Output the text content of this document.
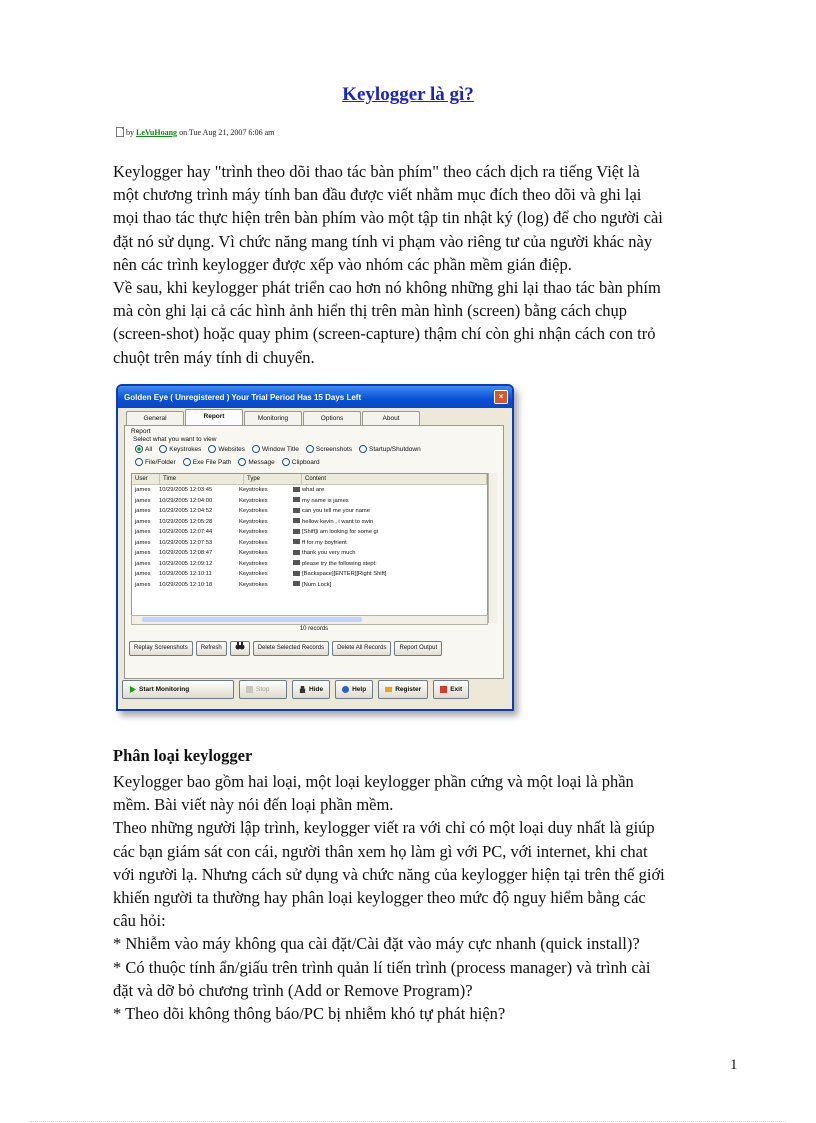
Keylogger là gì?
by LeVuHoang on Tue Aug 21, 2007 6:06 am
Keylogger hay "trình theo dõi thao tác bàn phím" theo cách dịch ra tiếng Việt là
một chương trình máy tính ban đầu được viết nhằm mục đích theo dõi và ghi lại
mọi thao tác thực hiện trên bàn phím vào một tập tin nhật ký (log) để cho người cài
đặt nó sử dụng. Vì chức năng mang tính vi phạm vào riêng tư của người khác này
nên các trình keylogger được xếp vào nhóm các phần mềm gián điệp.
Về sau, khi keylogger phát triển cao hơn nó không những ghi lại thao tác bàn phím
mà còn ghi lại cả các hình ảnh hiển thị trên màn hình (screen) bằng cách chụp
(screen-shot) hoặc quay phim (screen-capture) thậm chí còn ghi nhận cách con trỏ
chuột trên máy tính di chuyển.
Golden Eye ( Unregistered ) Your Trial Period Has 15 Days Left	×
General	Report	Monitoring	Options	About
Report
Select what you want to view
All	Keystrokes	Websites	Window Title	Screenshots	Startup/Shutdown
File/Folder	Exe File Path	Message	Clipboard
User	Time	Type	Content
james	10/29/2005 12:03:45	Keystrokes	what are
james	10/29/2005 12:04:00	Keystrokes	my name is james
james	10/29/2005 12:04:52	Keystrokes	can you tell me your name
james	10/29/2005 12:05:28	Keystrokes	hellow kevin , i want to swin
james	10/29/2005 12:07:44	Keystrokes	[Shift]i am looking for some gi
james	10/29/2005 12:07:53	Keystrokes	ff for my boyfrient
james	10/29/2005 12:08:47	Keystrokes	thank you very much
james	10/29/2005 12:09:12	Keystrokes	please try the following stept:
james	10/29/2005 12:10:11	Keystrokes	[Backspace][ENTER][Right Shift]
james	10/29/2005 12:10:18	Keystrokes	[Num Lock]
10 records
Replay Screenshots	Refresh	Delete Selected Records	Delete All Records	Report Output
Start Monitoring	Stop	Hide	Help	Register	Exit
Phân loại keylogger
Keylogger bao gồm hai loại, một loại keylogger phần cứng và một loại là phần
mềm. Bài viết này nói đến loại phần mềm.
Theo những người lập trình, keylogger viết ra với chỉ có một loại duy nhất là giúp
các bạn giám sát con cái, người thân xem họ làm gì với PC, với internet, khi chat
với người lạ. Nhưng cách sử dụng và chức năng của keylogger hiện tại trên thế giới
khiến người ta thường hay phân loại keylogger theo mức độ nguy hiểm bằng các
câu hỏi:
* Nhiễm vào máy không qua cài đặt/Cài đặt vào máy cực nhanh (quick install)?
* Có thuộc tính ẩn/giấu trên trình quản lí tiến trình (process manager) và trình cài
đặt và dỡ bỏ chương trình (Add or Remove Program)?
* Theo dõi không thông báo/PC bị nhiễm khó tự phát hiện?
1
